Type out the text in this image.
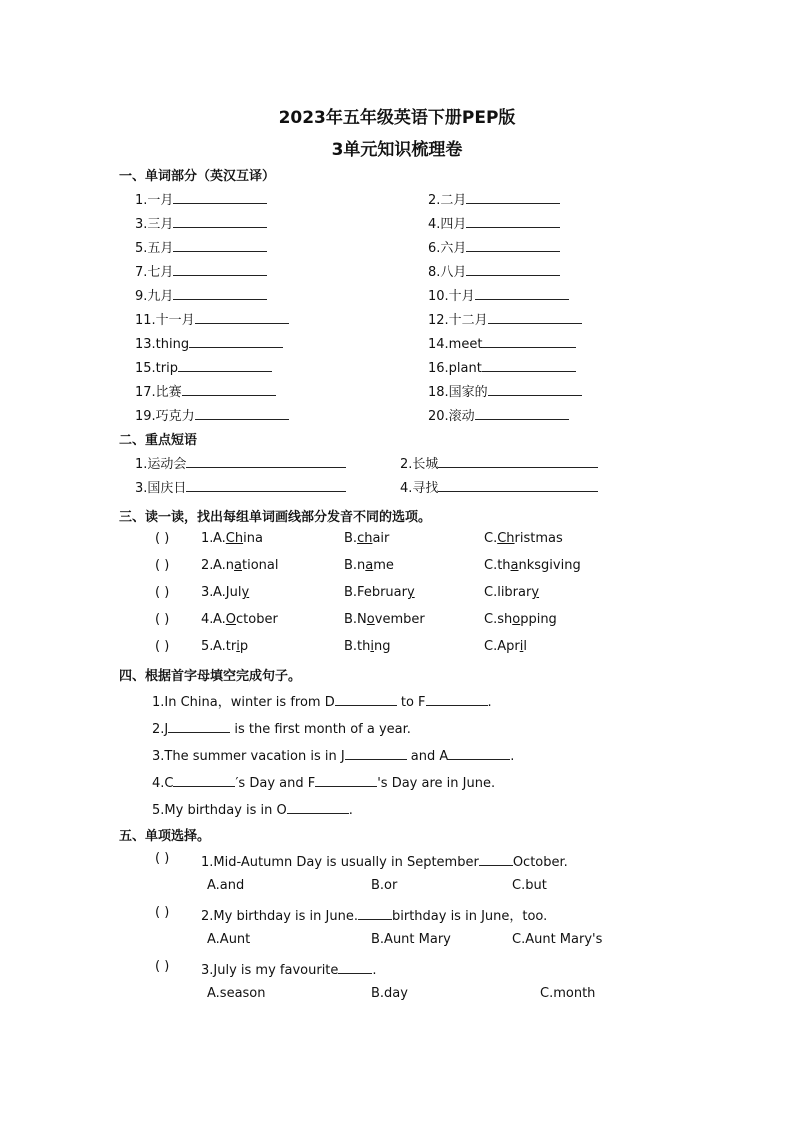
2023年五年级英语下册PEP版
3单元知识梳理卷
一、单词部分（英汉互译）
1.一月	2.二月
3.三月	4.四月
5.五月	6.六月
7.七月	8.八月
9.九月	10.十月
11.十一月	12.十二月
13.thing	14.meet
15.trip	16.plant
17.比赛	18.国家的
19.巧克力	20.滚动
二、重点短语
1.运动会	2.长城
3.国庆日	4.寻找
三、读一读，找出每组单词画线部分发音不同的选项。
( ) 1. A.China	B.chair	C.Christmas
( ) 2. A.national	B.name	C.thanksgiving
( ) 3. A.July	B.February	C.library
( ) 4. A.October	B.November	C.shopping
( ) 5. A.trip	B.thing	C.April
四、根据首字母填空完成句子。
1.In China，winter is from D	to F	.
2.J	is the first month of a year.
3.The summer vacation is in J	and A	.
4.C	′s Day and F	's Day are in June.
5.My birthday is in O	.
五、单项选择。
( ) 1.Mid-Autumn Day is usually in September	October.
A.and	B.or	C.but
( ) 2.My birthday is in June.	birthday is in June，too.
A.Aunt	B.Aunt Mary	C.Aunt Mary's
( ) 3.July is my favourite	.
A.season	B.day	C.month
